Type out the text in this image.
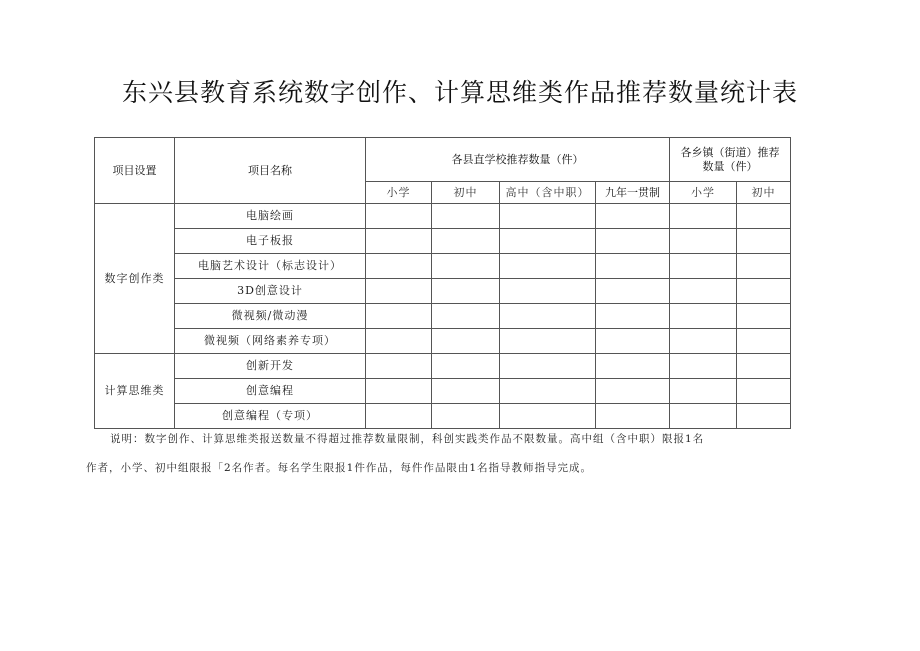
东兴县教育系统数字创作、计算思维类作品推荐数量统计表
项目设置	项目名称	各县直学校推荐数量（件）				各乡镇（街道）推荐数量（件）	
		小学	初中	高中（含中职）	九年一贯制	小学	初中
数字创作类	电脑绘画						
	电子板报						
	电脑艺术设计（标志设计）						
	3D创意设计						
	微视频/微动漫						
	微视频（网络素养专项）						
计算思维类	创新开发						
	创意编程						
	创意编程（专项）						
说明：数字创作、计算思维类报送数量不得超过推荐数量限制，科创实践类作品不限数量。高中组（含中职）限报1名
作者，小学、初中组限报「2名作者。每名学生限报1件作品，每件作品限由1名指导教师指导完成。
